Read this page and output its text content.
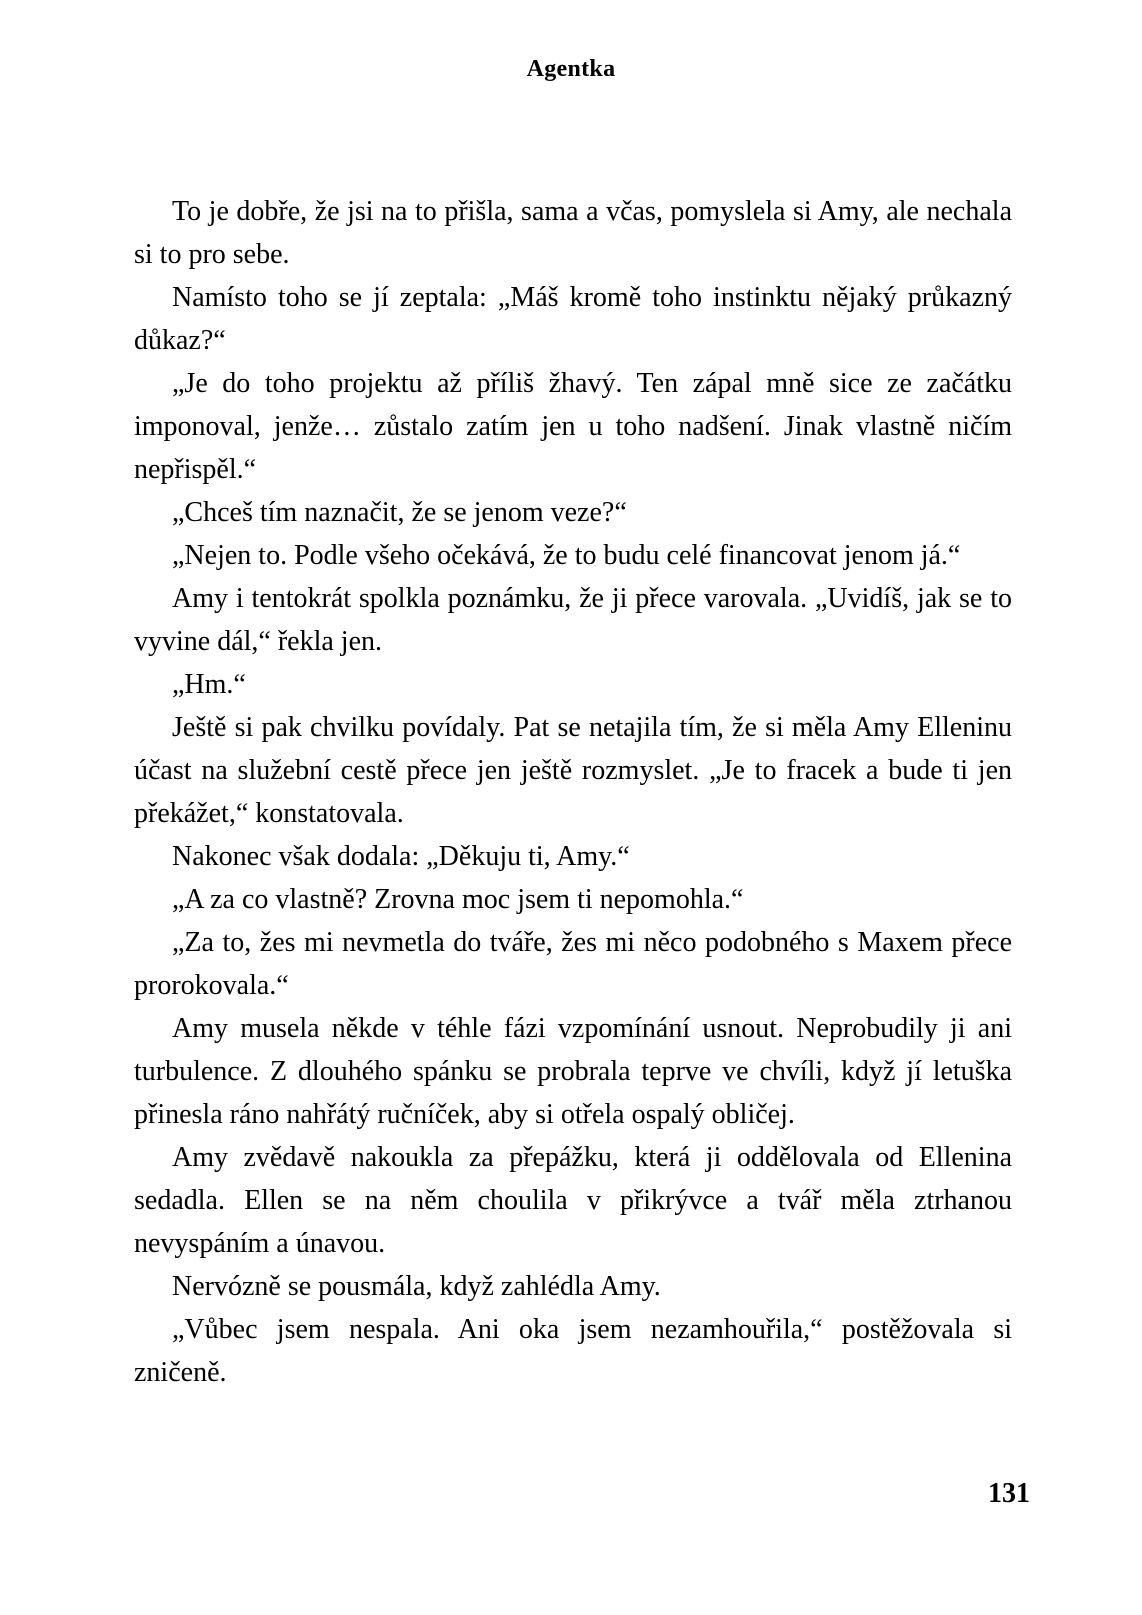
Agentka

To je dobře, že jsi na to přišla, sama a včas, pomyslela si Amy, ale nechala si to pro sebe.

Namísto toho se jí zeptala: „Máš kromě toho instinktu nějaký průkazný důkaz?“

„Je do toho projektu až příliš žhavý. Ten zápal mně sice ze začátku imponoval, jenže… zůstalo zatím jen u toho nadšení. Jinak vlastně ničím nepřispěl.“

„Chceš tím naznačit, že se jenom veze?“

„Nejen to. Podle všeho očekává, že to budu celé financovat jenom já.“

Amy i tentokrát spolkla poznámku, že ji přece varovala. „Uvidíš, jak se to vyvine dál,“ řekla jen.

„Hm.“

Ještě si pak chvilku povídaly. Pat se netajila tím, že si měla Amy Elleninu účast na služební cestě přece jen ještě rozmyslet. „Je to fracek a bude ti jen překážet,“ konstatovala.

Nakonec však dodala: „Děkuju ti, Amy.“

„A za co vlastně? Zrovna moc jsem ti nepomohla.“

„Za to, žes mi nevmetla do tváře, žes mi něco podobného s Maxem přece prorokovala.“

Amy musela někde v téhle fázi vzpomínání usnout. Neprobudily ji ani turbulence. Z dlouhého spánku se probrala teprve ve chvíli, když jí letuška přinesla ráno nahřátý ručníček, aby si otřela ospalý obličej.

Amy zvědavě nakoukla za přepážku, která ji oddělovala od Ellenina sedadla. Ellen se na něm choulila v přikrývce a tvář měla ztrhanou nevyspáním a únavou.

Nervózně se pousmála, když zahlédla Amy.

„Vůbec jsem nespala. Ani oka jsem nezamhouřila,“ postěžovala si zničeně.

131
